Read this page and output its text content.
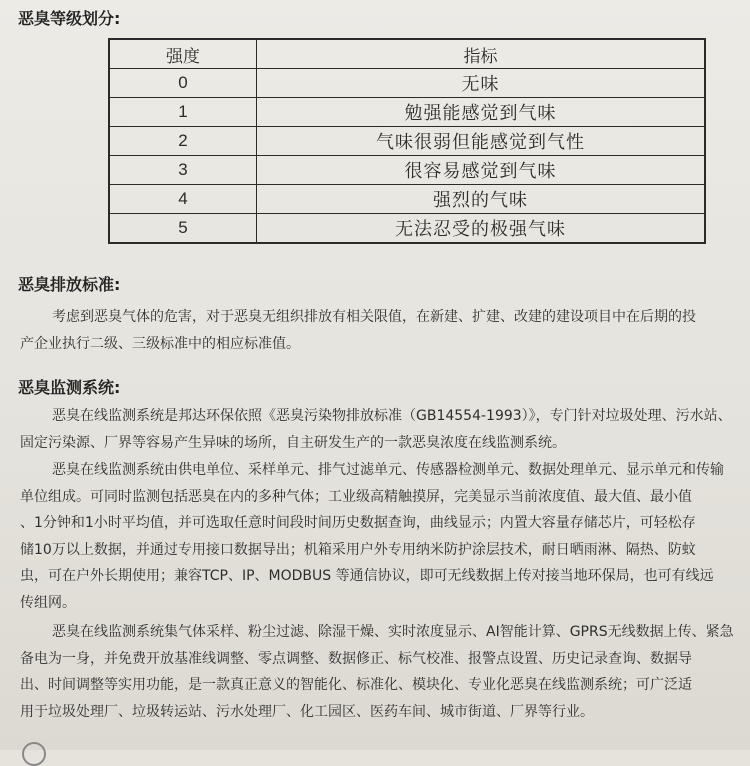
恶臭等级划分:
强度	指标
0	无味
1	勉强能感觉到气味
2	气味很弱但能感觉到气性
3	很容易感觉到气味
4	强烈的气味
5	无法忍受的极强气味
恶臭排放标准:
考虑到恶臭气体的危害，对于恶臭无组织排放有相关限值，在新建、扩建、改建的建设项目中在后期的投
产企业执行二级、三级标准中的相应标准值。
恶臭监测系统:
恶臭在线监测系统是邦达环保依照《恶臭污染物排放标准（GB14554-1993）》，专门针对垃圾处理、污水站、
固定污染源、厂界等容易产生异味的场所，自主研发生产的一款恶臭浓度在线监测系统。
恶臭在线监测系统由供电单位、采样单元、排气过滤单元、传感器检测单元、数据处理单元、显示单元和传输
单位组成。可同时监测包括恶臭在内的多种气体；工业级高精触摸屏，完美显示当前浓度值、最大值、最小值
、1分钟和1小时平均值，并可选取任意时间段时间历史数据查询，曲线显示；内置大容量存储芯片，可轻松存
储10万以上数据，并通过专用接口数据导出；机箱采用户外专用纳米防护涂层技术，耐日晒雨淋、隔热、防蚊
虫，可在户外长期使用；兼容TCP、IP、MODBUS 等通信协议，即可无线数据上传对接当地环保局，也可有线远
传组网。
恶臭在线监测系统集气体采样、粉尘过滤、除湿干燥、实时浓度显示、AI智能计算、GPRS无线数据上传、紧急
备电为一身，并免费开放基准线调整、零点调整、数据修正、标气校准、报警点设置、历史记录查询、数据导
出、时间调整等实用功能，是一款真正意义的智能化、标准化、模块化、专业化恶臭在线监测系统；可广泛适
用于垃圾处理厂、垃圾转运站、污水处理厂、化工园区、医药车间、城市街道、厂界等行业。
